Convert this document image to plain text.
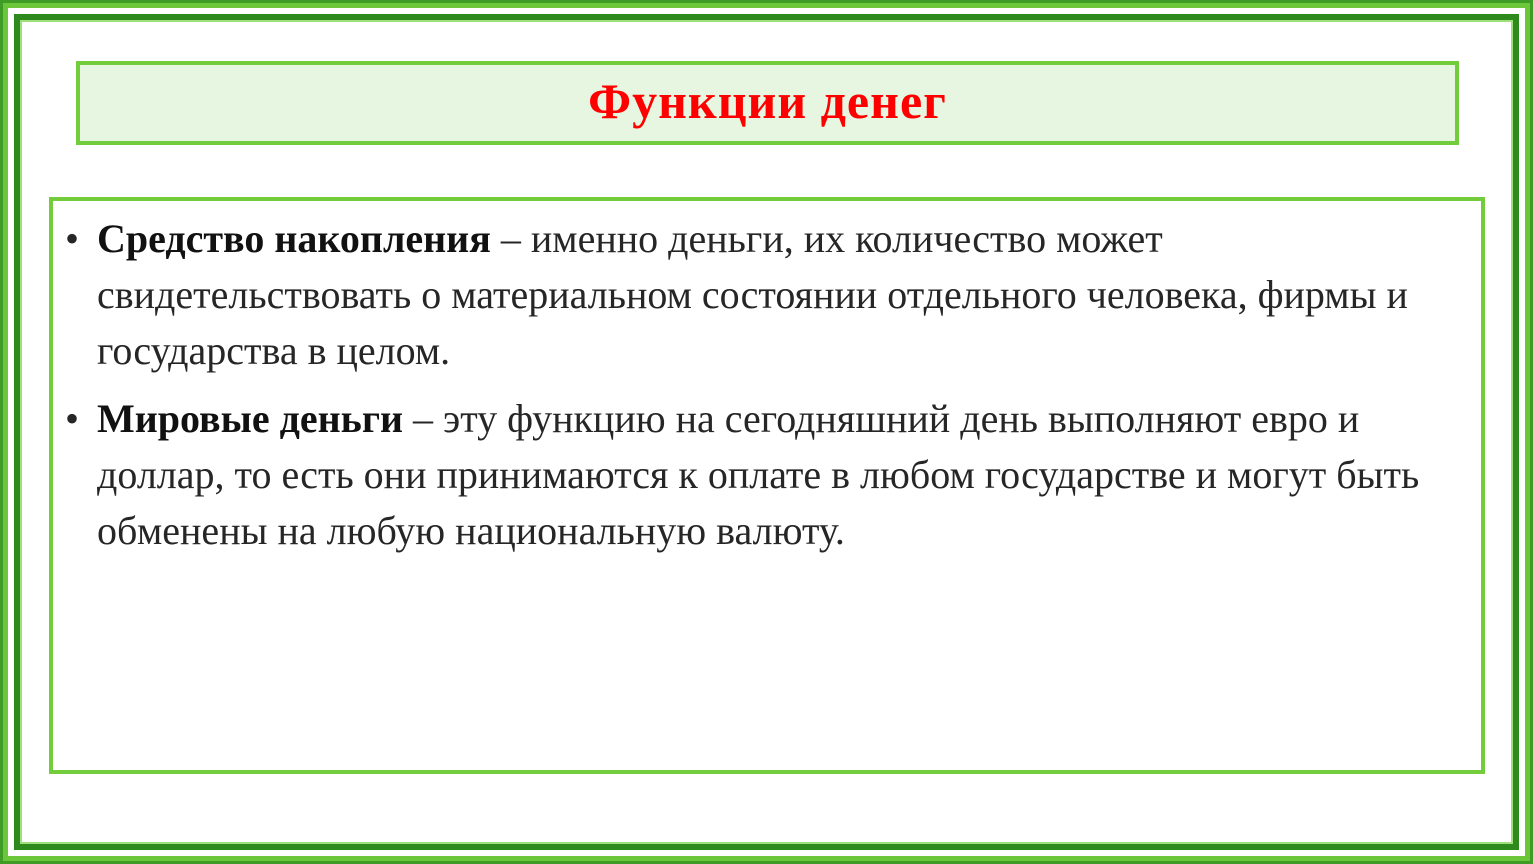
Функции денег
• Средство накопления – именно деньги, их количество может свидетельствовать о материальном состоянии отдельного человека, фирмы и государства в целом.
• Мировые деньги – эту функцию на сегодняшний день выполняют евро и доллар, то есть они принимаются к оплате в любом государстве и могут быть обменены на любую национальную валюту.
